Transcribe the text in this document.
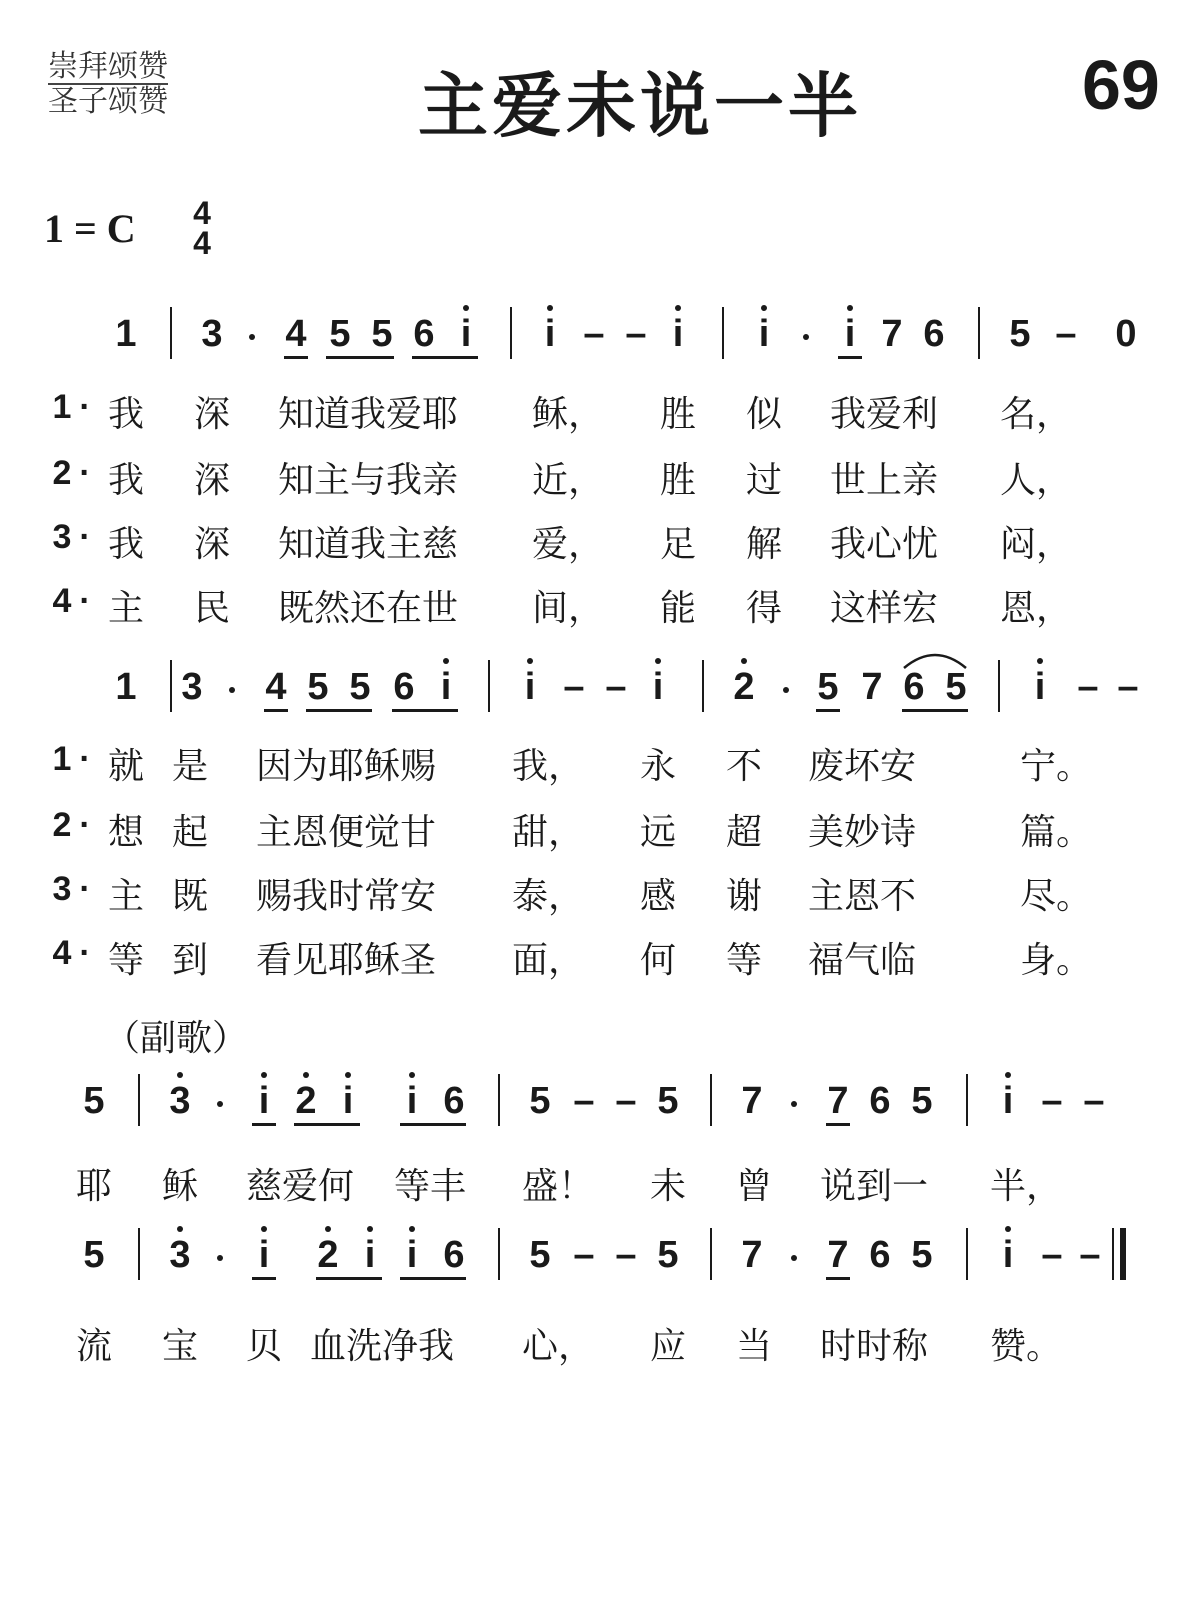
崇拜颂赞
圣子颂赞	主爱未说一半	69
1 = C 4
4
1 3 4 5 5 6 i i – – i i i 7 6 5 – 0
1 · 我 深 知道我爱耶 稣， 胜 似 我爱利 名，
2 · 我 深 知主与我亲 近， 胜 过 世上亲 人，
3 · 我 深 知道我主慈 爱， 足 解 我心忧 闷，
4 · 主 民 既然还在世 间， 能 得 这样宏 恩，
1 3 4 5 5 6 i i – – i 2 5 7 6 5 i – –
1 · 就 是 因为耶稣赐 我， 永 不 废坏安	宁。
2 · 想 起 主恩便觉甘 甜， 远 超 美妙诗	篇。
3 · 主 既 赐我时常安 泰， 感 谢 主恩不	尽。
4 · 等 到 看见耶稣圣 面， 何 等 福气临	身。
（副歌）
5 3 i 2 i i 6 5 – – 5 7 7 6 5 i – –
耶 稣 慈爱何 等丰 盛！ 未 曾 说到一 半，
5 3 i 2 i i 6 5 – – 5 7 7 6 5 i – –
流 宝 贝 血洗净我 心， 应 当 时时称 赞。
